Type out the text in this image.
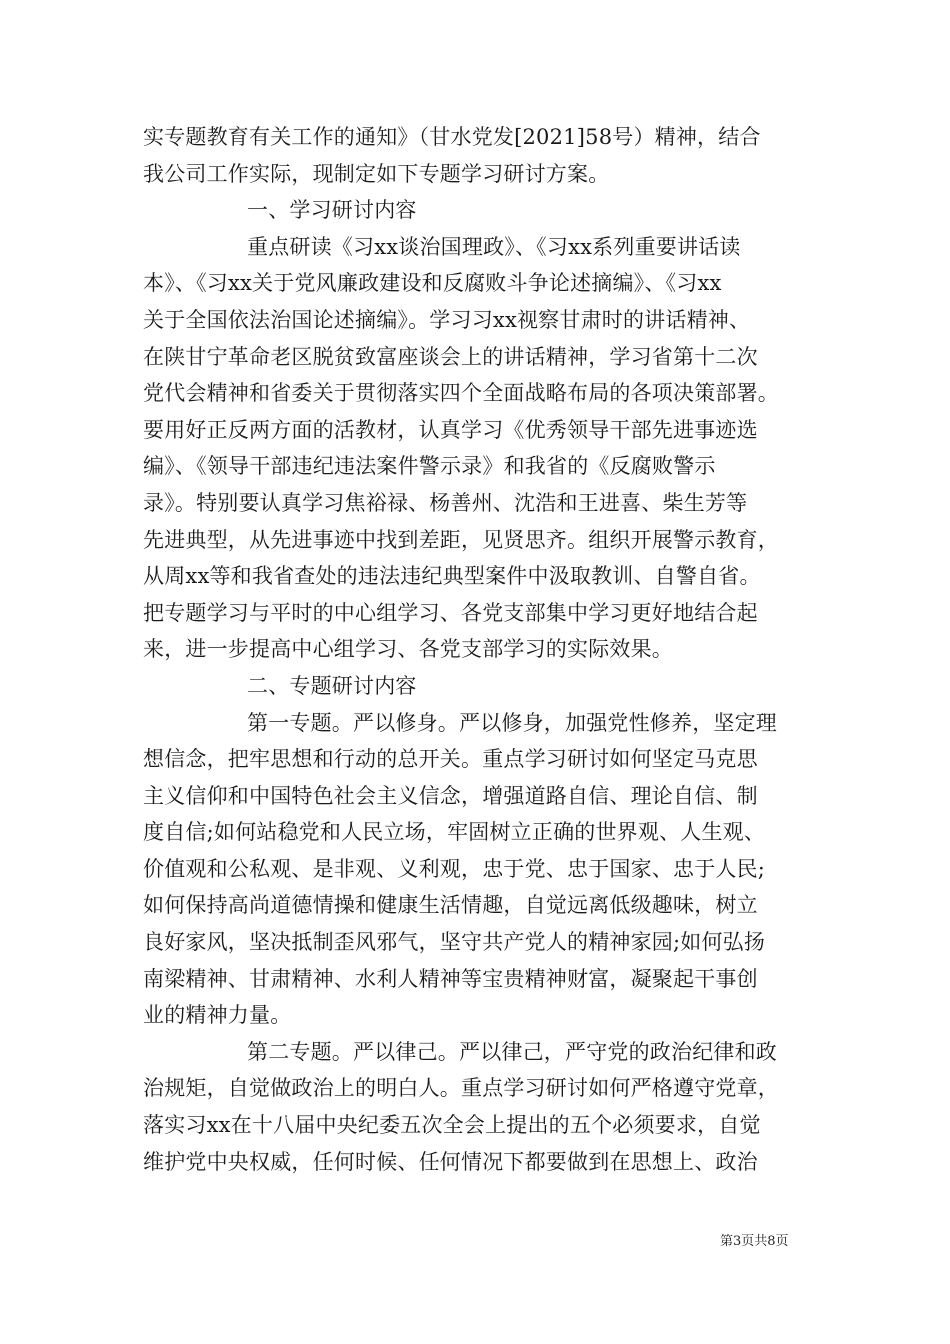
实专题教育有关工作的通知》（甘水党发[2021]58号）精神，结合
我公司工作实际，现制定如下专题学习研讨方案。
一、学习研讨内容
重点研读《习xx谈治国理政》、《习xx系列重要讲话读
本》、《习xx关于党风廉政建设和反腐败斗争论述摘编》、《习xx
关于全国依法治国论述摘编》。学习习xx视察甘肃时的讲话精神、
在陕甘宁革命老区脱贫致富座谈会上的讲话精神，学习省第十二次
党代会精神和省委关于贯彻落实四个全面战略布局的各项决策部署。
要用好正反两方面的活教材，认真学习《优秀领导干部先进事迹选
编》、《领导干部违纪违法案件警示录》和我省的《反腐败警示
录》。特别要认真学习焦裕禄、杨善州、沈浩和王进喜、柴生芳等
先进典型，从先进事迹中找到差距，见贤思齐。组织开展警示教育，
从周xx等和我省查处的违法违纪典型案件中汲取教训、自警自省。
把专题学习与平时的中心组学习、各党支部集中学习更好地结合起
来，进一步提高中心组学习、各党支部学习的实际效果。
二、专题研讨内容
第一专题。严以修身。严以修身，加强党性修养，坚定理
想信念，把牢思想和行动的总开关。重点学习研讨如何坚定马克思
主义信仰和中国特色社会主义信念，增强道路自信、理论自信、制
度自信;如何站稳党和人民立场，牢固树立正确的世界观、人生观、
价值观和公私观、是非观、义利观，忠于党、忠于国家、忠于人民;
如何保持高尚道德情操和健康生活情趣，自觉远离低级趣味，树立
良好家风，坚决抵制歪风邪气，坚守共产党人的精神家园;如何弘扬
南梁精神、甘肃精神、水利人精神等宝贵精神财富，凝聚起干事创
业的精神力量。
第二专题。严以律己。严以律己，严守党的政治纪律和政
治规矩，自觉做政治上的明白人。重点学习研讨如何严格遵守党章，
落实习xx在十八届中央纪委五次全会上提出的五个必须要求，自觉
维护党中央权威，任何时候、任何情况下都要做到在思想上、政治
第3页共8页
